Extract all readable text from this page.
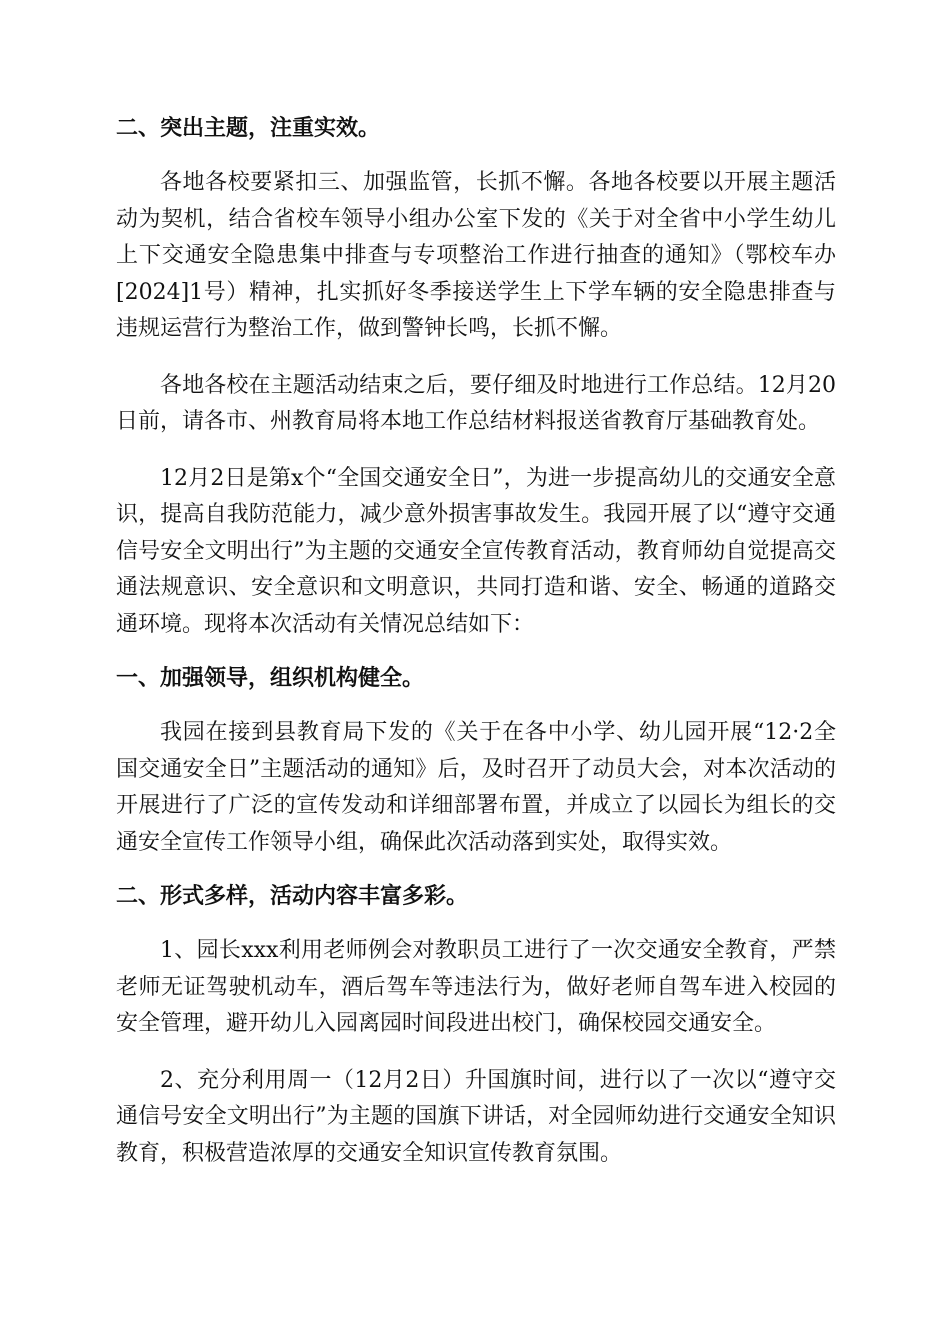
二、突出主题，注重实效。

各地各校要紧扣三、加强监管，长抓不懈。各地各校要以开展主题活动为契机，结合省校车领导小组办公室下发的《关于对全省中小学生幼儿上下交通安全隐患集中排查与专项整治工作进行抽查的通知》（鄂校车办[2024]1号）精神，扎实抓好冬季接送学生上下学车辆的安全隐患排查与违规运营行为整治工作，做到警钟长鸣，长抓不懈。

各地各校在主题活动结束之后，要仔细及时地进行工作总结。12月20日前，请各市、州教育局将本地工作总结材料报送省教育厅基础教育处。

12月2日是第x个“全国交通安全日”，为进一步提高幼儿的交通安全意识，提高自我防范能力，减少意外损害事故发生。我园开展了以“遵守交通信号安全文明出行”为主题的交通安全宣传教育活动，教育师幼自觉提高交通法规意识、安全意识和文明意识，共同打造和谐、安全、畅通的道路交通环境。现将本次活动有关情况总结如下：

一、加强领导，组织机构健全。

我园在接到县教育局下发的《关于在各中小学、幼儿园开展“12·2全国交通安全日”主题活动的通知》后，及时召开了动员大会，对本次活动的开展进行了广泛的宣传发动和详细部署布置，并成立了以园长为组长的交通安全宣传工作领导小组，确保此次活动落到实处，取得实效。

二、形式多样，活动内容丰富多彩。

1、园长xxx利用老师例会对教职员工进行了一次交通安全教育，严禁老师无证驾驶机动车，酒后驾车等违法行为，做好老师自驾车进入校园的安全管理，避开幼儿入园离园时间段进出校门，确保校园交通安全。

2、充分利用周一（12月2日）升国旗时间，进行以了一次以“遵守交通信号安全文明出行”为主题的国旗下讲话，对全园师幼进行交通安全知识教育，积极营造浓厚的交通安全知识宣传教育氛围。
